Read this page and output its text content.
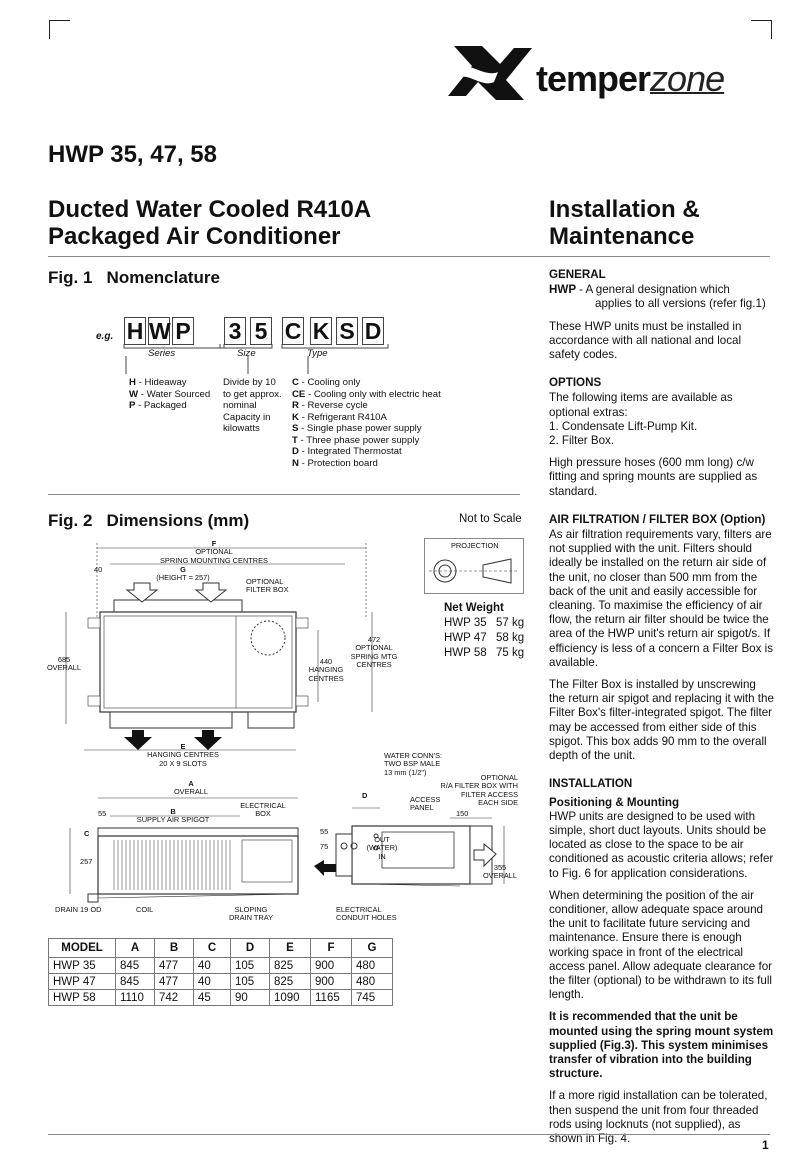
temperzone
HWP 35, 47, 58
Ducted Water Cooled R410A
Packaged Air Conditioner
Installation &
Maintenance
Fig. 1   Nomenclature
e.g. H W P 3 5 C K S D
Series	Size	Type
H - Hideaway
W - Water Sourced
P - Packaged
Divide by 10
to get approx.
nominal
Capacity in
kilowatts
C - Cooling only
CE - Cooling only with electric heat
R - Reverse cycle
K - Refrigerant R410A
S - Single phase power supply
T - Three phase power supply
D - Integrated Thermostat
N - Protection board
Fig. 2   Dimensions (mm)	Not to Scale
PROJECTION
Net Weight
HWP 35 57 kg
HWP 47 58 kg
HWP 58 75 kg
F
OPTIONAL
SPRING MOUNTING CENTRES
G
(HEIGHT = 257)
40
OPTIONAL
FILTER BOX
472
OPTIONAL
SPRING MTG
CENTRES
440
HANGING
CENTRES
685
OVERALL
E
HANGING CENTRES
20 X 9 SLOTS
A
OVERALL
B
SUPPLY AIR SPIGOT
55
C
257
ELECTRICAL
BOX
DRAIN 19 OD	COIL	SLOPING
DRAIN TRAY
WATER CONN'S:
TWO BSP MALE
13 mm (1/2")
D	ACCESS
PANEL
OPTIONAL
R/A FILTER BOX WITH
FILTER ACCESS
EACH SIDE
150
55
75
OUT
(WATER)
IN
355
OVERALL
ELECTRICAL
CONDUIT HOLES
MODEL	A	B	C	D	E	F	G
HWP 35	845	477	40	105	825	900	480
HWP 47	845	477	40	105	825	900	480
HWP 58	1110	742	45	90	1090	1165	745

GENERAL

HWP - A general designation which
applies to all versions (refer fig.1)

These HWP units must be installed in accordance with all national and local safety codes.

OPTIONS

The following items are available as optional extras:

1. Condensate Lift-Pump Kit.
2. Filter Box.

High pressure hoses (600 mm long) c/w fitting and spring mounts are supplied as standard.

AIR FILTRATION / FILTER BOX (Option)

As air filtration requirements vary, filters are not supplied with the unit. Filters should ideally be installed on the return air side of the unit, no closer than 500 mm from the back of the unit and easily accessible for cleaning. To maximise the efficiency of air flow, the return air filter should be twice the area of the HWP unit's return air spigot/s. If efficiency is less of a concern a Filter Box is available.

The Filter Box is installed by unscrewing the return air spigot and replacing it with the Filter Box's filter-integrated spigot. The filter may be accessed from either side of this spigot. This box adds 90 mm to the overall depth of the unit.

INSTALLATION

Positioning & Mounting

HWP units are designed to be used with simple, short duct layouts. Units should be located as close to the space to be air conditioned as acoustic criteria allows; refer to Fig. 6 for application considerations.

When determining the position of the air conditioner, allow adequate space around the unit to facilitate future servicing and maintenance. Ensure there is enough working space in front of the electrical access panel. Allow adequate clearance for the filter (optional) to be withdrawn to its full length.

It is recommended that the unit be mounted using the spring mount system supplied (Fig.3). This system minimises transfer of vibration into the building structure.

If a more rigid installation can be tolerated, then suspend the unit from four threaded rods using locknuts (not supplied), as shown in Fig. 4.	1
